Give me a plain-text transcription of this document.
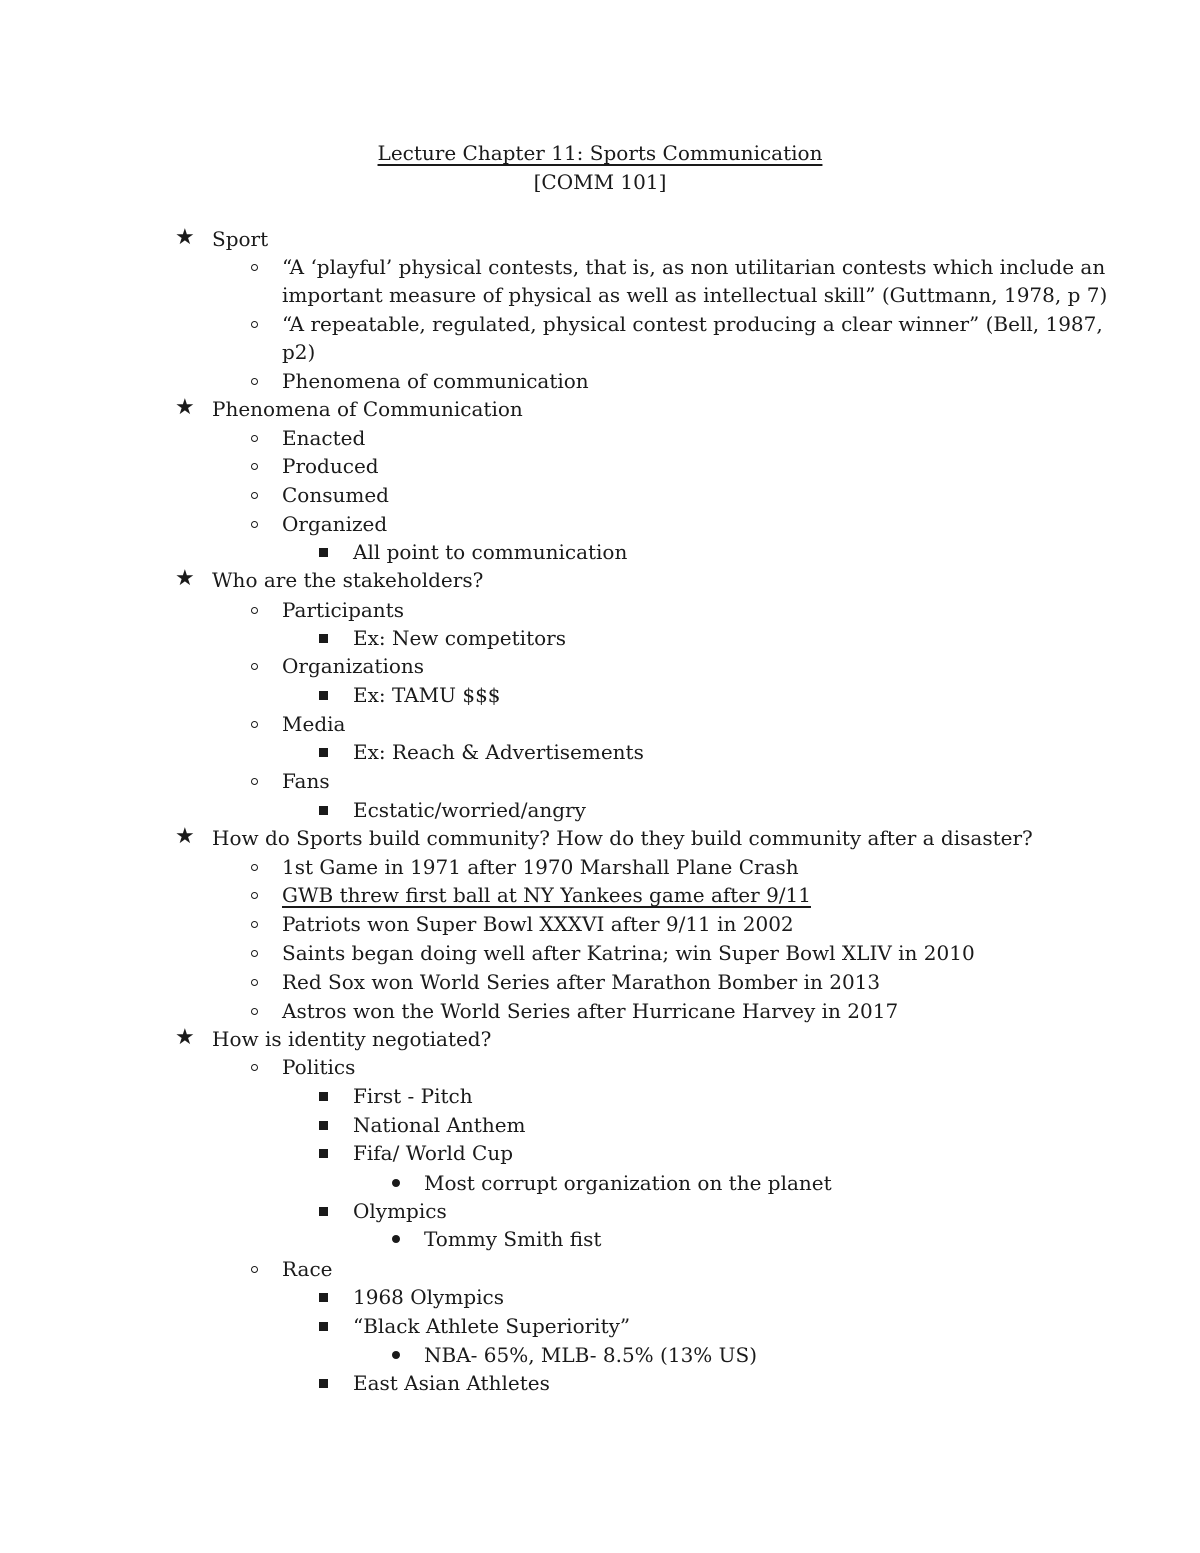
Lecture Chapter 11: Sports Communication
[COMM 101]
★ Sport
“A ‘playful’ physical contests, that is, as non utilitarian contests which include an
important measure of physical as well as intellectual skill” (Guttmann, 1978, p 7)
“A repeatable, regulated, physical contest producing a clear winner” (Bell, 1987,
p2)
Phenomena of communication
★ Phenomena of Communication
Enacted
Produced
Consumed
Organized
All point to communication
★ Who are the stakeholders?
Participants
Ex: New competitors
Organizations
Ex: TAMU $$$
Media
Ex: Reach & Advertisements
Fans
Ecstatic/worried/angry
★ How do Sports build community? How do they build community after a disaster?
1st Game in 1971 after 1970 Marshall Plane Crash
GWB threw first ball at NY Yankees game after 9/11
Patriots won Super Bowl XXXVI after 9/11 in 2002
Saints began doing well after Katrina; win Super Bowl XLIV in 2010
Red Sox won World Series after Marathon Bomber in 2013
Astros won the World Series after Hurricane Harvey in 2017
★ How is identity negotiated?
Politics
First - Pitch
National Anthem
Fifa/ World Cup
Most corrupt organization on the planet
Olympics
Tommy Smith fist
Race
1968 Olympics
“Black Athlete Superiority”
NBA- 65%, MLB- 8.5% (13% US)
East Asian Athletes
